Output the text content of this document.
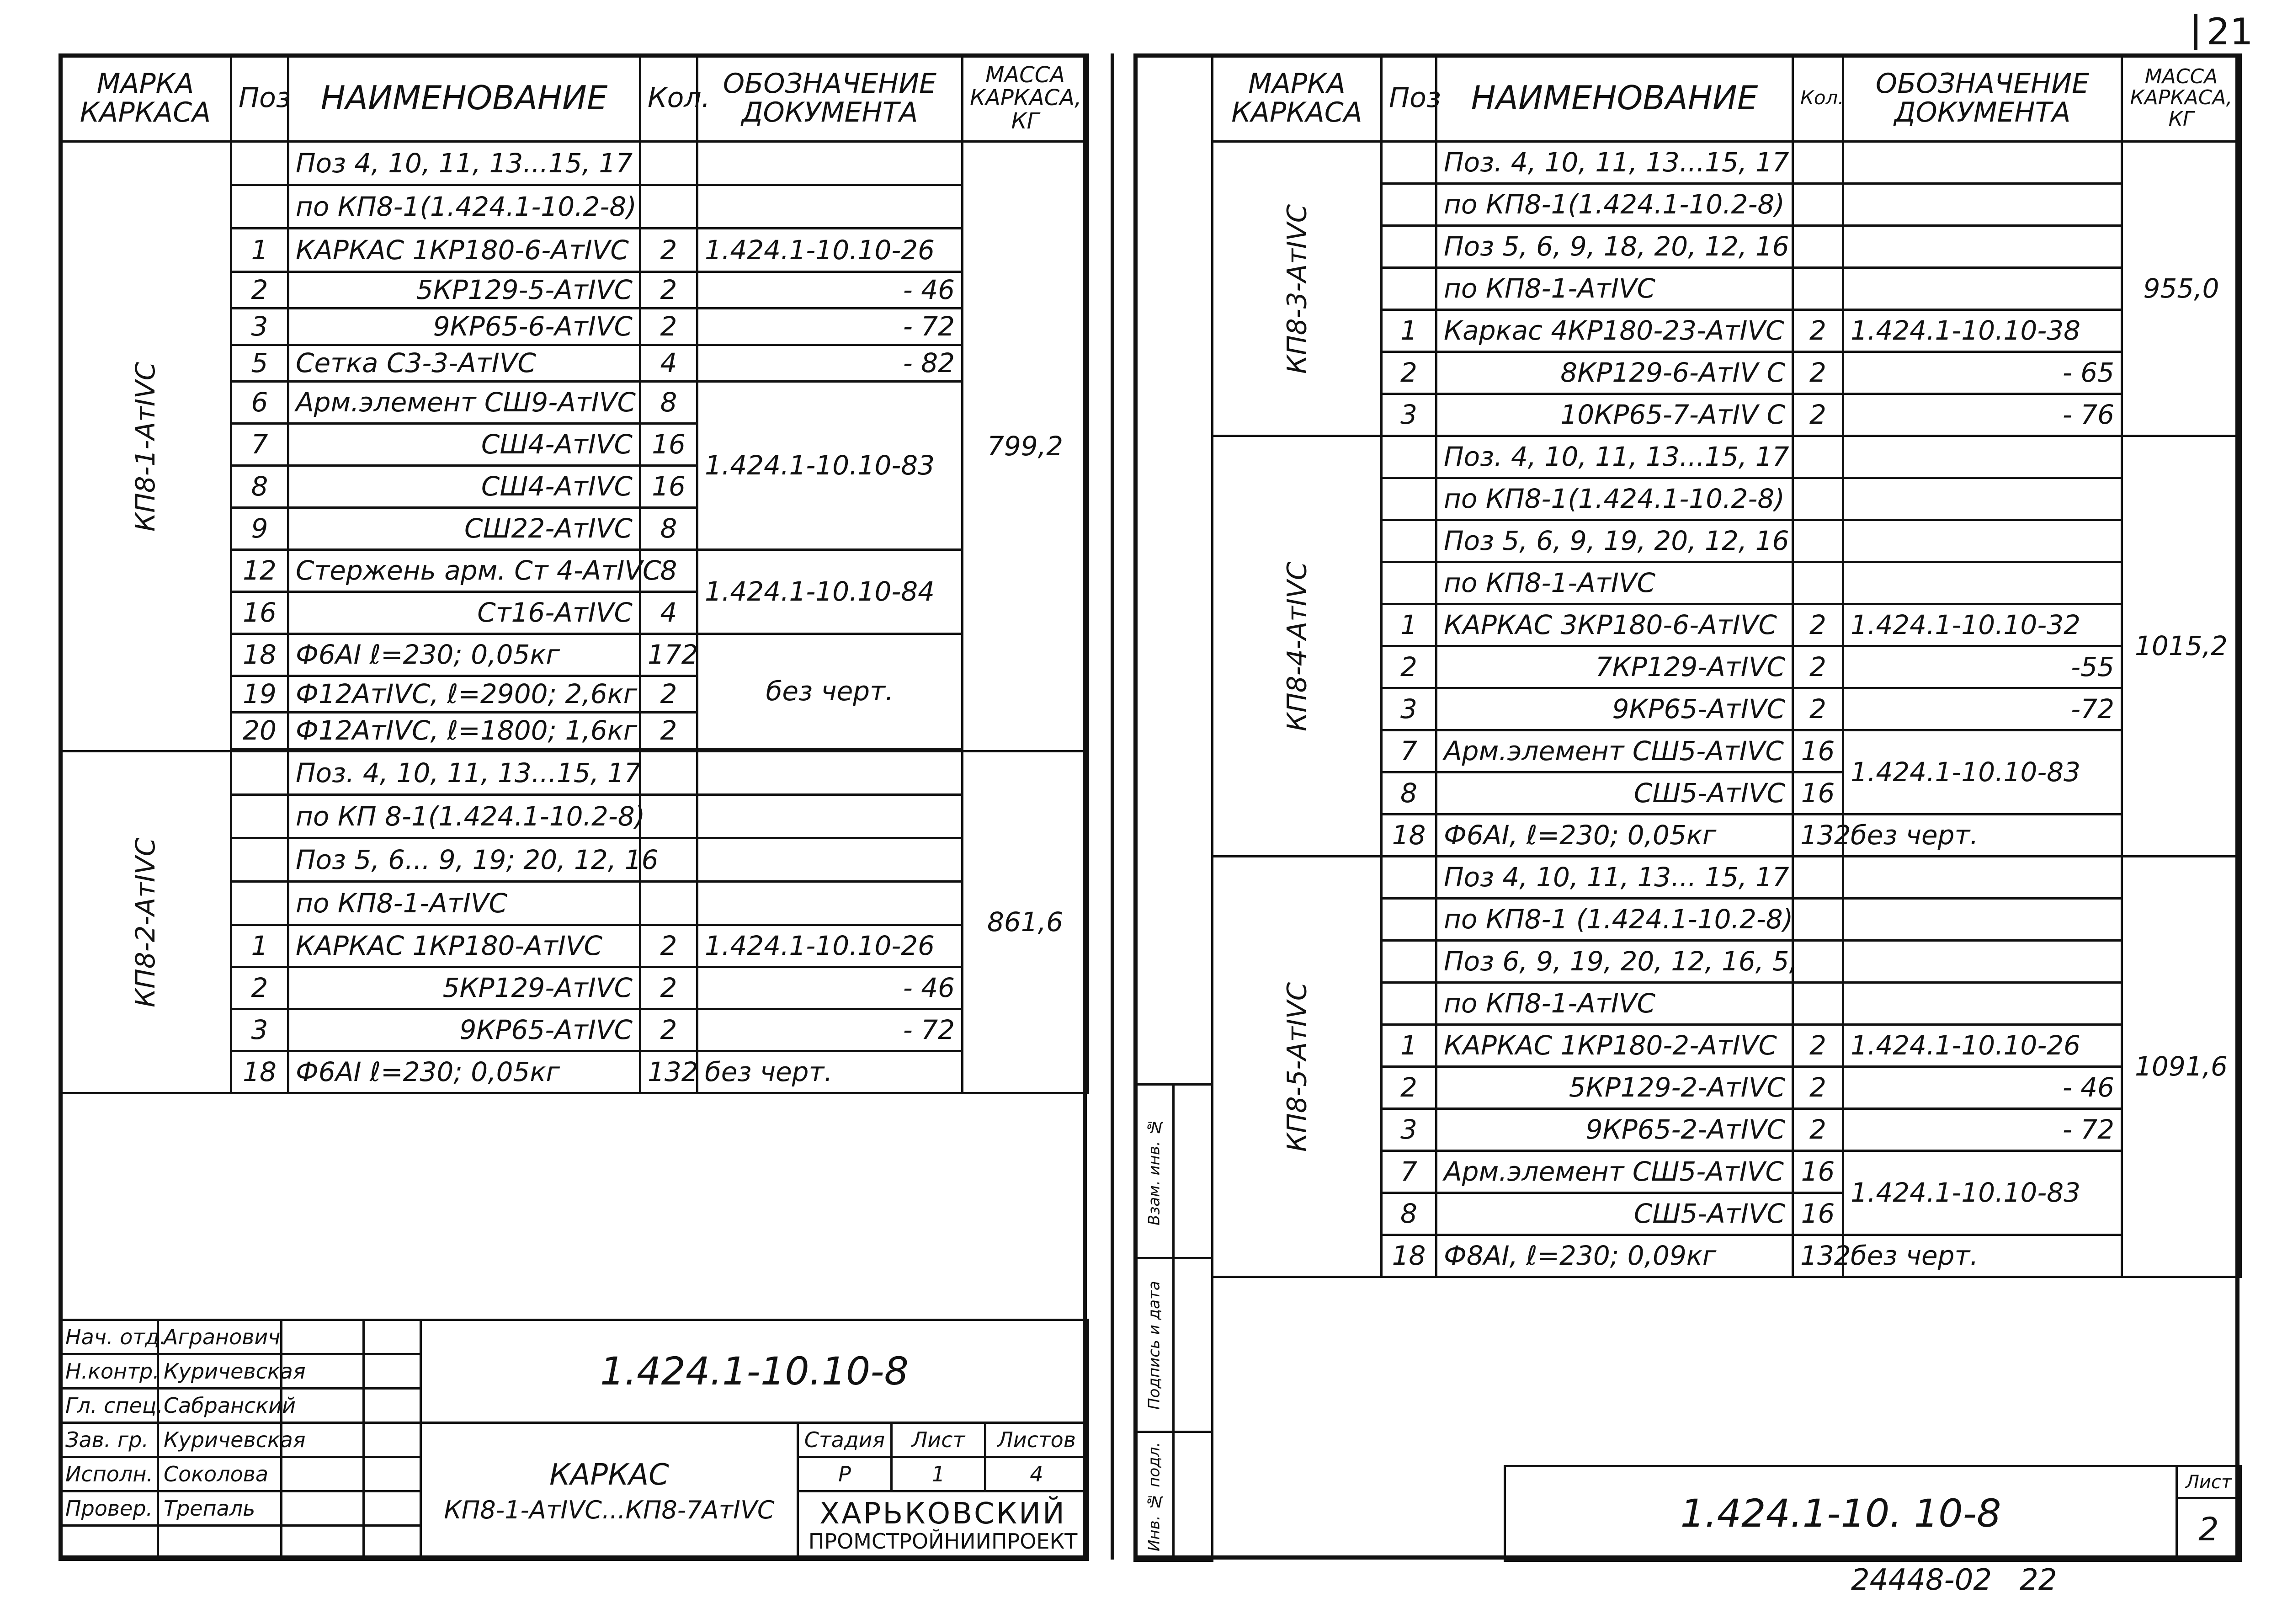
МАРКА КАРКАСА	Поз	НАИМЕНОВАНИЕ	Кол.	ОБОЗНАЧЕНИЕ ДОКУМЕНТА	МАССА КАРКАСА, КГ
КП8-1-АтIVС		Поз 4, 10, 11, 13...15, 17			799,2
		по КП8-1(1.424.1-10.2-8)			
	1	КАРКАС 1КР180-6-АтIVС	2	1.424.1-10.10-26	
	2	5КР129-5-АтIVС	2	- 46	
	3	9КР65-6-АтIVС	2	- 72	
	5	Сетка С3-3-АтIVС	4	- 82	
	6	Арм.элемент СШ9-АтIVС	8	1.424.1-10.10-83	
	7	СШ4-АтIVС	16		
	8	СШ4-АтIVС	16		
	9	СШ22-АтIVС	8		
	12	Стержень арм. Ст 4-АтIVС	8	1.424.1-10.10-84	
	16	Ст16-АтIVС	4		
	18	Ф6АI ℓ=230; 0,05кг	172	без черт.	
	19	Ф12АтIVС, ℓ=2900; 2,6кг	2		
	20	Ф12АтIVС, ℓ=1800; 1,6кг	2		

КП8-2-АтIVС		Поз. 4, 10, 11, 13...15, 17			861,6
		по КП 8-1(1.424.1-10.2-8)			
		Поз 5, 6... 9, 19; 20, 12, 16			
		по КП8-1-АтIVС			
	1	КАРКАС 1КР180-АтIVС	2	1.424.1-10.10-26	
	2	5КР129-АтIVС	2	- 46	
	3	9КР65-АтIVС	2	- 72	
	18	Ф6АI ℓ=230; 0,05кг	132	без черт.	
Нач. отд.	Агранович			1.424.1-10.10-8			
Н.контр.	Куричевская						
Гл. спец.	Сабранский						
Зав. гр.	Куричевская			КАРКАС
КП8-1-АтIVС...КП8-7АтIVС	Стадия	Лист	Листов
Исполн.	Соколова				Р	1	4
Провер.	Трепаль				ХАРЬКОВСКИЙ
ПРОМСТРОЙНИИПРОЕКТ		

21
МАРКА КАРКАСА	Поз	НАИМЕНОВАНИЕ	Кол.	ОБОЗНАЧЕНИЕ ДОКУМЕНТА	МАССА КАРКАСА, КГ
КП8-3-АтIVС		Поз. 4, 10, 11, 13...15, 17			955,0
		по КП8-1(1.424.1-10.2-8)			
		Поз 5, 6, 9, 18, 20, 12, 16			
		по КП8-1-АтIVС			
	1	Каркас 4КР180-23-АтIVС	2	1.424.1-10.10-38	
	2	8КР129-6-АтIV С	2	- 65	
	3	10КР65-7-АтIV С	2	- 76	
КП8-4-АтIVС		Поз. 4, 10, 11, 13...15, 17			1015,2
		по КП8-1(1.424.1-10.2-8)			
		Поз 5, 6, 9, 19, 20, 12, 16			
		по КП8-1-АтIVС			
	1	КАРКАС 3КР180-6-АтIVС	2	1.424.1-10.10-32	
	2	7КР129-АтIVС	2	-55	
	3	9КР65-АтIVС	2	-72	
	7	Арм.элемент СШ5-АтIVС	16	1.424.1-10.10-83	
	8	СШ5-АтIVС	16		
	18	Ф6АI, ℓ=230; 0,05кг	132	без черт.	
КП8-5-АтIVС		Поз 4, 10, 11, 13... 15, 17			1091,6
		по КП8-1 (1.424.1-10.2-8)			
		Поз 6, 9, 19, 20, 12, 16, 5,			
		по КП8-1-АтIVС			
	1	КАРКАС 1КР180-2-АтIVС	2	1.424.1-10.10-26	
	2	5КР129-2-АтIVС	2	- 46	
	3	9КР65-2-АтIVС	2	- 72	
	7	Арм.элемент СШ5-АтIVС	16	1.424.1-10.10-83	
	8	СШ5-АтIVС	16		
	18	Ф8АI, ℓ=230; 0,09кг	132	без черт.	
Взам. инв. №	
Подпись и дата	
Инв. № подл.		1.424.1-10. 10-8	Лист
2
24448-02   22
